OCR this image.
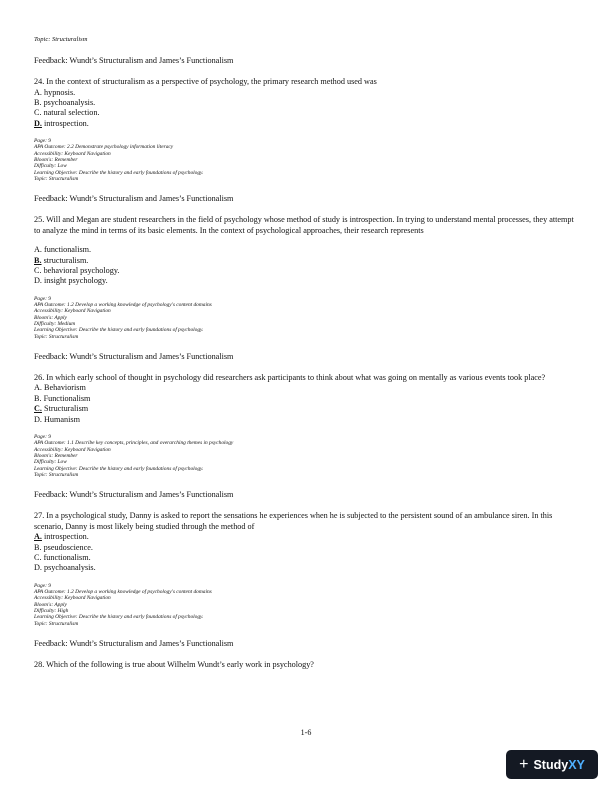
Topic: Structuralism
Feedback: Wundt’s Structuralism and James’s Functionalism

24. In the context of structuralism as a perspective of psychology, the primary research method used was

A. hypnosis.
B. psychoanalysis.
C. natural selection.
D. introspection.
Page: 9
APA Outcome: 2.2 Demonstrate psychology information literacy
Accessibility: Keyboard Navigation
Bloom's: Remember
Difficulty: Low
Learning Objective: Describe the history and early foundations of psychology.
Topic: Structuralism
Feedback: Wundt’s Structuralism and James’s Functionalism

25. Will and Megan are student researchers in the field of psychology whose method of study is introspection. In trying to understand mental processes, they attempt to analyze the mind in terms of its basic elements. In the context of psychological approaches, their research represents

A. functionalism.
B. structuralism.
C. behavioral psychology.
D. insight psychology.
Page: 9
APA Outcome: 1.2 Develop a working knowledge of psychology's content domains
Accessibility: Keyboard Navigation
Bloom's: Apply
Difficulty: Medium
Learning Objective: Describe the history and early foundations of psychology.
Topic: Structuralism
Feedback: Wundt’s Structuralism and James’s Functionalism

26. In which early school of thought in psychology did researchers ask participants to think about what was going on mentally as various events took place?

A. Behaviorism
B. Functionalism
C. Structuralism
D. Humanism
Page: 9
APA Outcome: 1.1 Describe key concepts, principles, and overarching themes in psychology
Accessibility: Keyboard Navigation
Bloom's: Remember
Difficulty: Low
Learning Objective: Describe the history and early foundations of psychology.
Topic: Structuralism
Feedback: Wundt’s Structuralism and James’s Functionalism

27. In a psychological study, Danny is asked to report the sensations he experiences when he is subjected to the persistent sound of an ambulance siren. In this scenario, Danny is most likely being studied through the method of

A. introspection.
B. pseudoscience.
C. functionalism.
D. psychoanalysis.
Page: 9
APA Outcome: 1.2 Develop a working knowledge of psychology's content domains
Accessibility: Keyboard Navigation
Bloom's: Apply
Difficulty: High
Learning Objective: Describe the history and early foundations of psychology.
Topic: Structuralism
Feedback: Wundt’s Structuralism and James’s Functionalism

28. Which of the following is true about Wilhelm Wundt’s early work in psychology?

1-6
+ Study XY
